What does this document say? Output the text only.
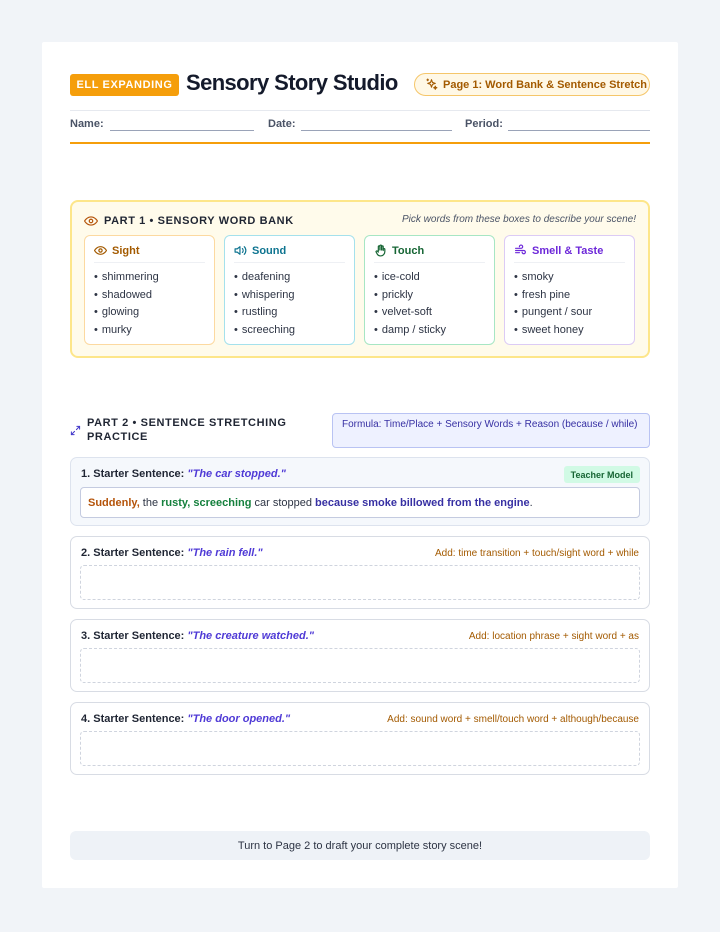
ELL EXPANDING Sensory Story Studio	Page 1: Word Bank & Sentence Stretch
Name:	Date:	Period:
PART 1 • SENSORY WORD BANK	Pick words from these boxes to describe your scene!
Sight
• shimmering
• shadowed
• glowing
• murky
Sound
• deafening
• whispering
• rustling
• screeching
Touch
• ice-cold
• prickly
• velvet-soft
• damp / sticky
Smell & Taste
• smoky
• fresh pine
• pungent / sour
• sweet honey
PART 2 • SENTENCE STRETCHING PRACTICE
Formula: Time/Place + Sensory Words + Reason (because / while)
1. Starter Sentence: "The car stopped."	Teacher Model
Suddenly, the rusty, screeching car stopped because smoke billowed from the engine .
2. Starter Sentence: "The rain fell."	Add: time transition + touch/sight word + while
3. Starter Sentence: "The creature watched."	Add: location phrase + sight word + as
4. Starter Sentence: "The door opened."	Add: sound word + smell/touch word + although/because
Turn to Page 2 to draft your complete story scene!
